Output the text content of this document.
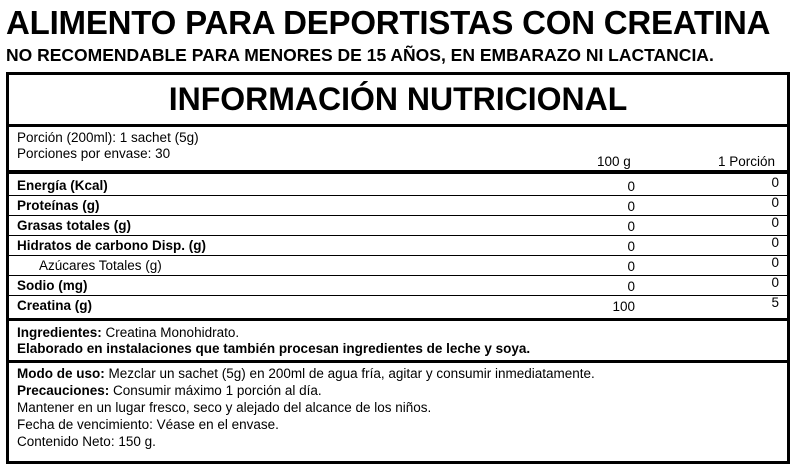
ALIMENTO PARA DEPORTISTAS CON CREATINA
NO RECOMENDABLE PARA MENORES DE 15 AÑOS, EN EMBARAZO NI LACTANCIA.
INFORMACIÓN NUTRICIONAL
Porción (200ml): 1 sachet (5g)
Porciones por envase: 30
100 g	1 Porción
Energía (Kcal)	0	0
Proteínas (g)	0	0
Grasas totales (g)	0	0
Hidratos de carbono Disp. (g)	0	0
Azúcares Totales (g)	0	0
Sodio (mg)	0	0
Creatina (g)	100	5
Ingredientes: Creatina Monohidrato.
Elaborado en instalaciones que también procesan ingredientes de leche y soya.
Modo de uso: Mezclar un sachet (5g) en 200ml de agua fría, agitar y consumir inmediatamente.
Precauciones: Consumir máximo 1 porción al día.
Mantener en un lugar fresco, seco y alejado del alcance de los niños.
Fecha de vencimiento: Véase en el envase.
Contenido Neto: 150 g.
